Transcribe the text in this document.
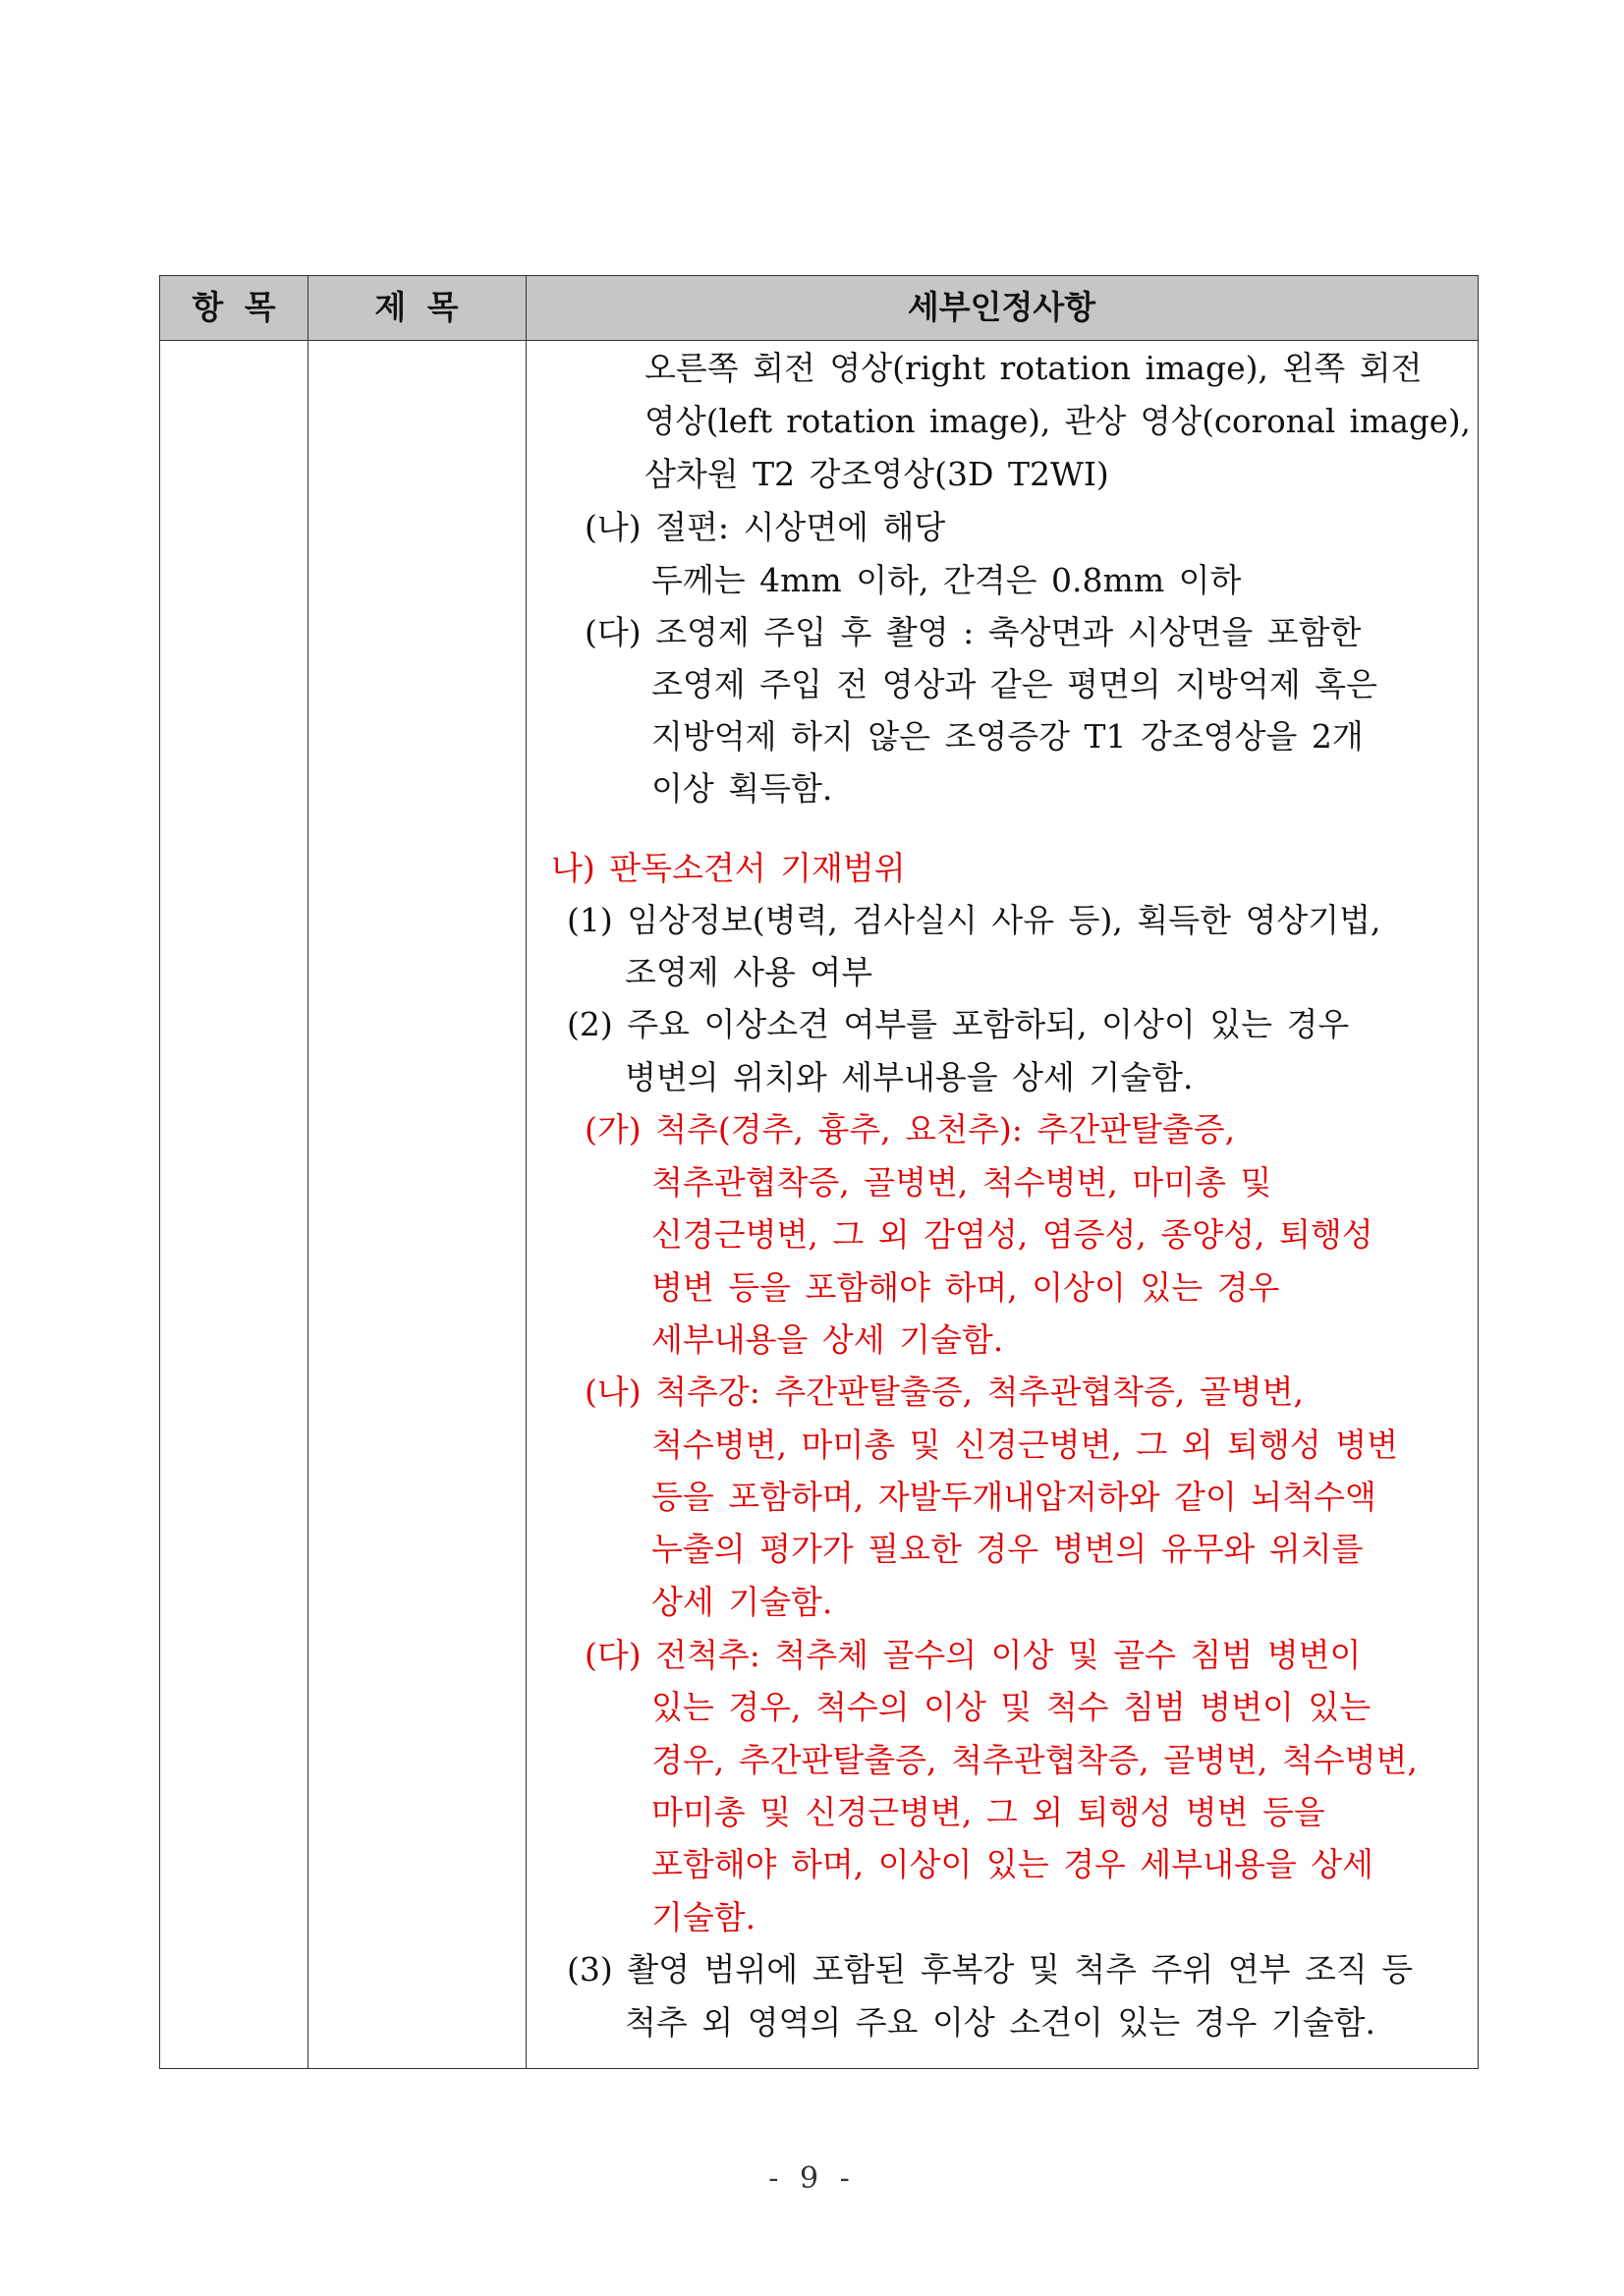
항 목	제 목	세부인정사항
오른쪽 회전 영상(right rotation image), 왼쪽 회전
영상(left rotation image), 관상 영상(coronal image),
삼차원 T2 강조영상(3D T2WI)
(나) 절편: 시상면에 해당
두께는 4mm 이하, 간격은 0.8mm 이하
(다) 조영제 주입 후 촬영 : 축상면과 시상면을 포함한
조영제 주입 전 영상과 같은 평면의 지방억제 혹은
지방억제 하지 않은 조영증강 T1 강조영상을 2개
이상 획득함.
나) 판독소견서 기재범위
(1) 임상정보(병력, 검사실시 사유 등), 획득한 영상기법,
조영제 사용 여부
(2) 주요 이상소견 여부를 포함하되, 이상이 있는 경우
병변의 위치와 세부내용을 상세 기술함.
(가) 척추(경추, 흉추, 요천추): 추간판탈출증,
척추관협착증, 골병변, 척수병변, 마미총 및
신경근병변, 그 외 감염성, 염증성, 종양성, 퇴행성
병변 등을 포함해야 하며, 이상이 있는 경우
세부내용을 상세 기술함.
(나) 척추강: 추간판탈출증, 척추관협착증, 골병변,
척수병변, 마미총 및 신경근병변, 그 외 퇴행성 병변
등을 포함하며, 자발두개내압저하와 같이 뇌척수액
누출의 평가가 필요한 경우 병변의 유무와 위치를
상세 기술함.
(다) 전척추: 척추체 골수의 이상 및 골수 침범 병변이
있는 경우, 척수의 이상 및 척수 침범 병변이 있는
경우, 추간판탈출증, 척추관협착증, 골병변, 척수병변,
마미총 및 신경근병변, 그 외 퇴행성 병변 등을
포함해야 하며, 이상이 있는 경우 세부내용을 상세
기술함.
(3) 촬영 범위에 포함된 후복강 및 척추 주위 연부 조직 등
척추 외 영역의 주요 이상 소견이 있는 경우 기술함.
- 9 -
